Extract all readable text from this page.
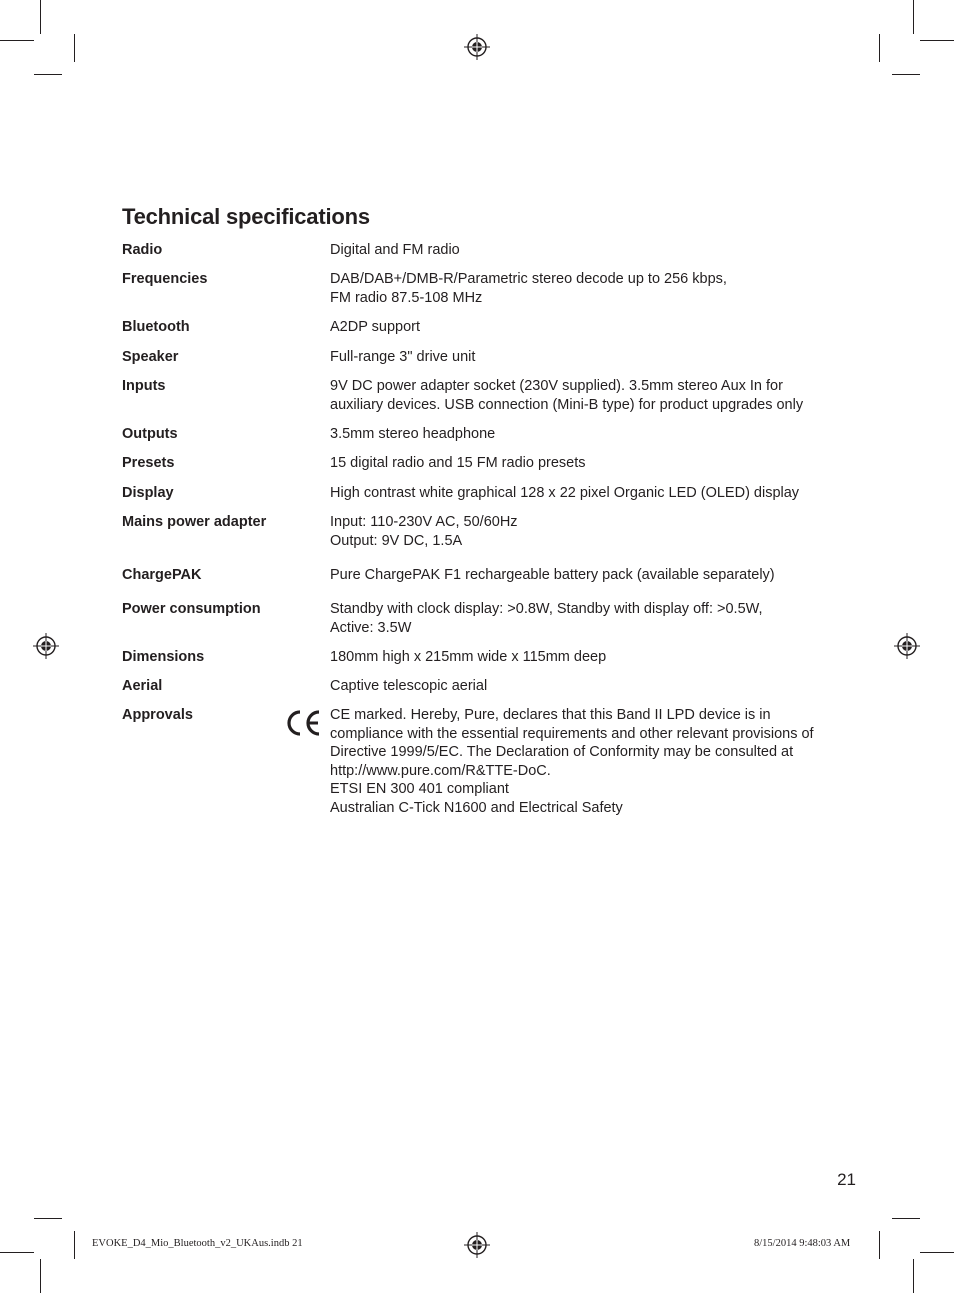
Technical specifications
Radio	Digital and FM radio
Frequencies	DAB/DAB+/DMB-R/Parametric stereo decode up to 256 kbps,
FM radio 87.5-108 MHz
Bluetooth	A2DP support
Speaker	Full-range 3" drive unit
Inputs	9V DC power adapter socket (230V supplied). 3.5mm stereo Aux In for
auxiliary devices. USB connection (Mini-B type) for product upgrades only
Outputs	3.5mm stereo headphone
Presets	15 digital radio and 15 FM radio presets
Display	High contrast white graphical 128 x 22 pixel Organic LED (OLED) display
Mains power adapter	Input: 110-230V AC, 50/60Hz
Output: 9V DC, 1.5A
ChargePAK	Pure ChargePAK F1 rechargeable battery pack (available separately)
Power consumption	Standby with clock display: >0.8W, Standby with display off: >0.5W,
Active: 3.5W
Dimensions	180mm high x 215mm wide x 115mm deep
Aerial	Captive telescopic aerial
Approvals	CE marked. Hereby, Pure, declares that this Band II LPD device is in
compliance with the essential requirements and other relevant provisions of
Directive 1999/5/EC. The Declaration of Conformity may be consulted at
http://www.pure.com/R&TTE-DoC.
ETSI EN 300 401 compliant
Australian C-Tick N1600 and Electrical Safety
21
EVOKE_D4_Mio_Bluetooth_v2_UKAus.indb 21	8/15/2014 9:48:03 AM
